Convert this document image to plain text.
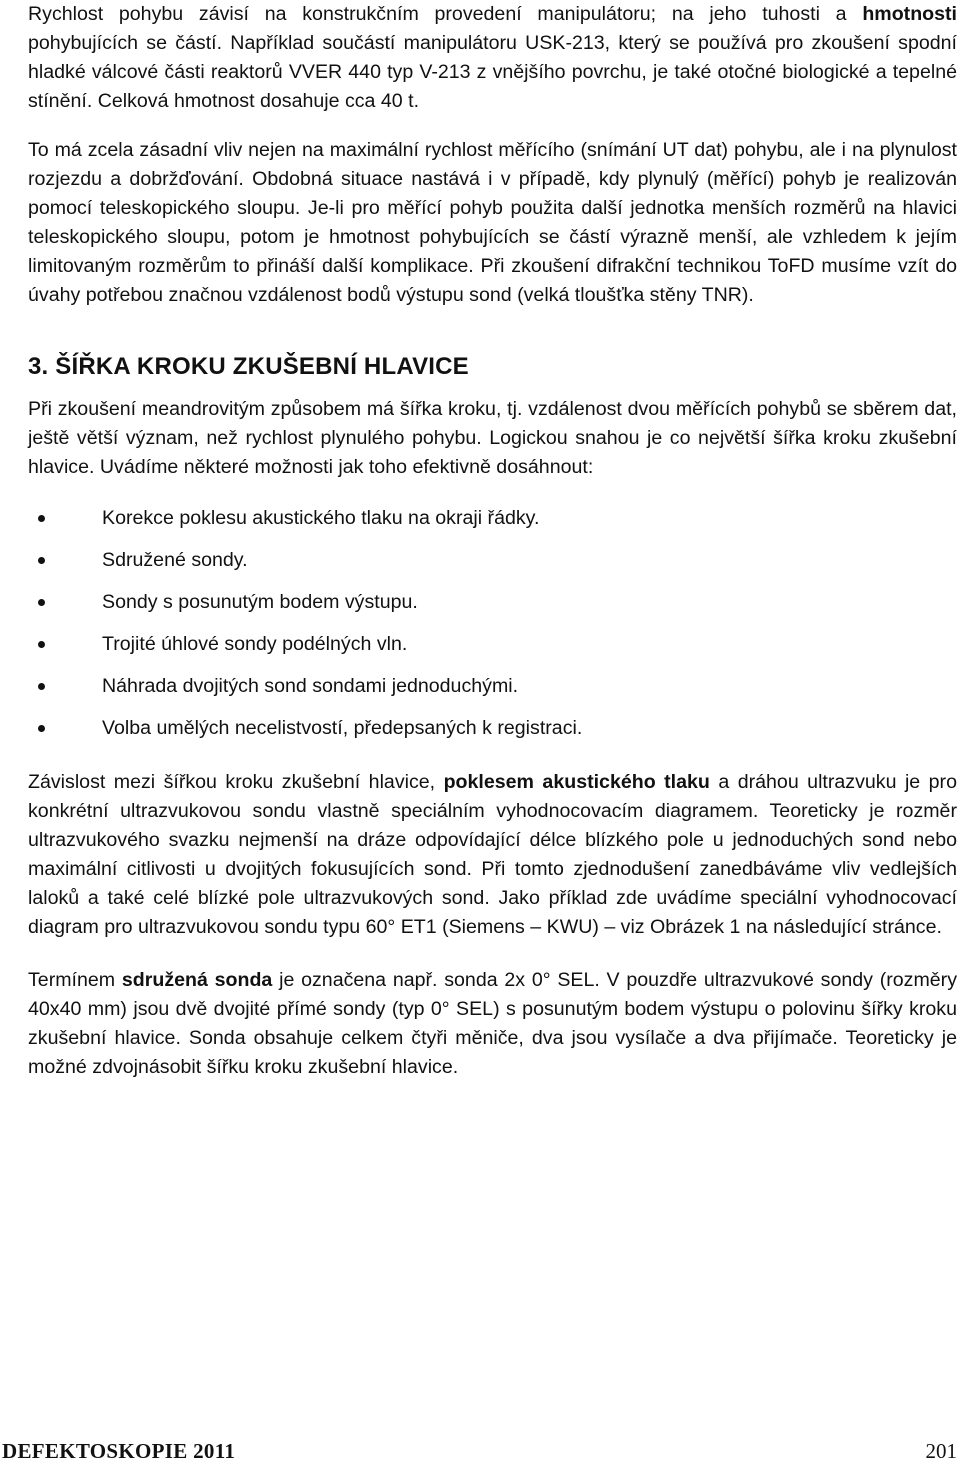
Rychlost pohybu závisí na konstrukčním provedení manipulátoru; na jeho tuhosti a hmotnosti pohybujících se částí. Například součástí manipulátoru USK-213, který se používá pro zkoušení spodní hladké válcové části reaktorů VVER 440 typ V-213 z vnějšího povrchu, je také otočné biologické a tepelné stínění. Celková hmotnost dosahuje cca 40 t.

To má zcela zásadní vliv nejen na maximální rychlost měřícího (snímání UT dat) pohybu, ale i na plynulost rozjezdu a dobržďování. Obdobná situace nastává i v případě, kdy plynulý (měřící) pohyb je realizován pomocí teleskopického sloupu. Je-li pro měřící pohyb použita další jednotka menších rozměrů na hlavici teleskopického sloupu, potom je hmotnost pohybujících se částí výrazně menší, ale vzhledem k jejím limitovaným rozměrům to přináší další komplikace. Při zkoušení difrakční technikou ToFD musíme vzít do úvahy potřebou značnou vzdálenost bodů výstupu sond (velká tloušťka stěny TNR).

3. ŠÍŘKA KROKU ZKUŠEBNÍ HLAVICE

Při zkoušení meandrovitým způsobem má šířka kroku, tj. vzdálenost dvou měřících pohybů se sběrem dat, ještě větší význam, než rychlost plynulého pohybu. Logickou snahou je co největší šířka kroku zkušební hlavice. Uvádíme některé možnosti jak toho efektivně dosáhnout:

Korekce poklesu akustického tlaku na okraji řádky.
Sdružené sondy.
Sondy s posunutým bodem výstupu.
Trojité úhlové sondy podélných vln.
Náhrada dvojitých sond sondami jednoduchými.
Volba umělých necelistvostí, předepsaných k registraci.

Závislost mezi šířkou kroku zkušební hlavice, poklesem akustického tlaku a dráhou ultrazvuku je pro konkrétní ultrazvukovou sondu vlastně speciálním vyhodnocovacím diagramem. Teoreticky je rozměr ultrazvukového svazku nejmenší na dráze odpovídající délce blízkého pole u jednoduchých sond nebo maximální citlivosti u dvojitých fokusujících sond. Při tomto zjednodušení zanedbáváme vliv vedlejších laloků a také celé blízké pole ultrazvukových sond. Jako příklad zde uvádíme speciální vyhodnocovací diagram pro ultrazvukovou sondu typu 60° ET1 (Siemens – KWU) – viz Obrázek 1 na následující stránce.

Termínem sdružená sonda je označena např. sonda 2x 0° SEL. V pouzdře ultrazvukové sondy (rozměry 40x40 mm) jsou dvě dvojité přímé sondy (typ 0° SEL) s posunutým bodem výstupu o polovinu šířky kroku zkušební hlavice. Sonda obsahuje celkem čtyři měniče, dva jsou vysílače a dva přijímače. Teoreticky je možné zdvojnásobit šířku kroku zkušební hlavice.

DEFEKTOSKOPIE 2011	201
